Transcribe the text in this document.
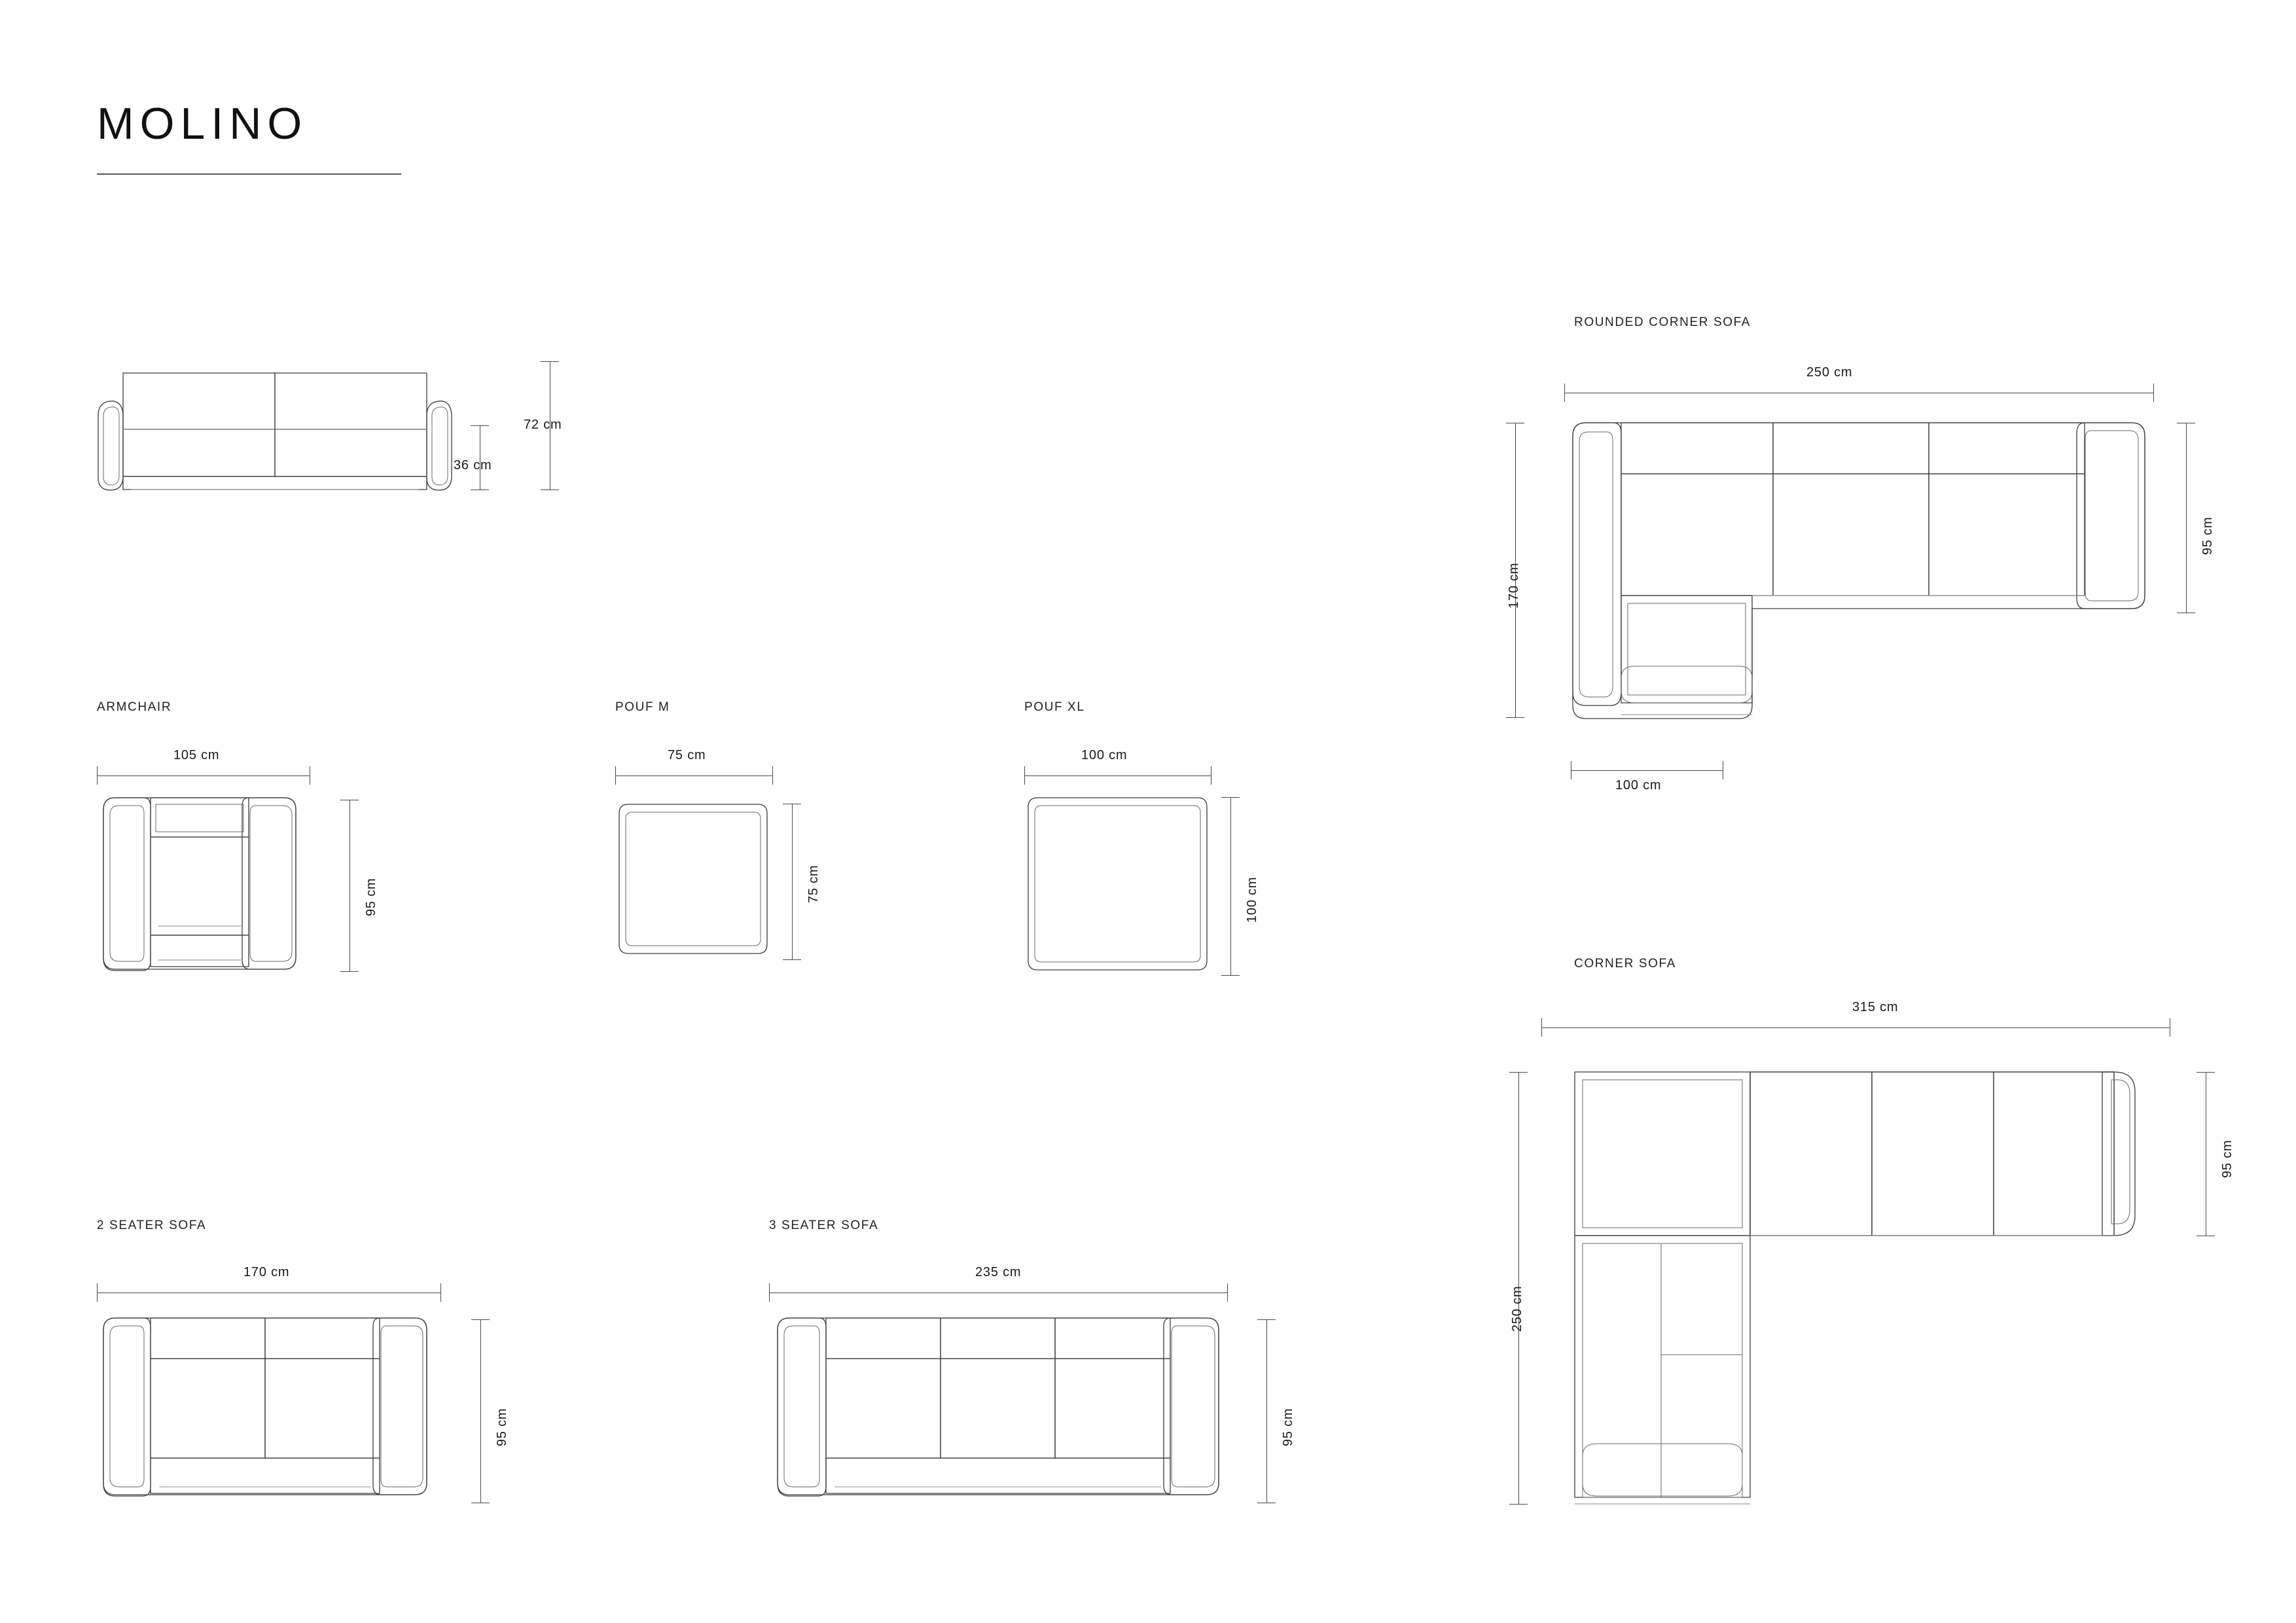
MOLINO
72 cm
36 cm
ARMCHAIR
105 cm
95 cm
POUF M
75 cm
75 cm
POUF XL
100 cm
100 cm
2 SEATER SOFA
170 cm
95 cm
3 SEATER SOFA
235 cm
95 cm
ROUNDED CORNER SOFA
250 cm
95 cm
170 cm
100 cm
CORNER SOFA
315 cm
95 cm
250 cm
